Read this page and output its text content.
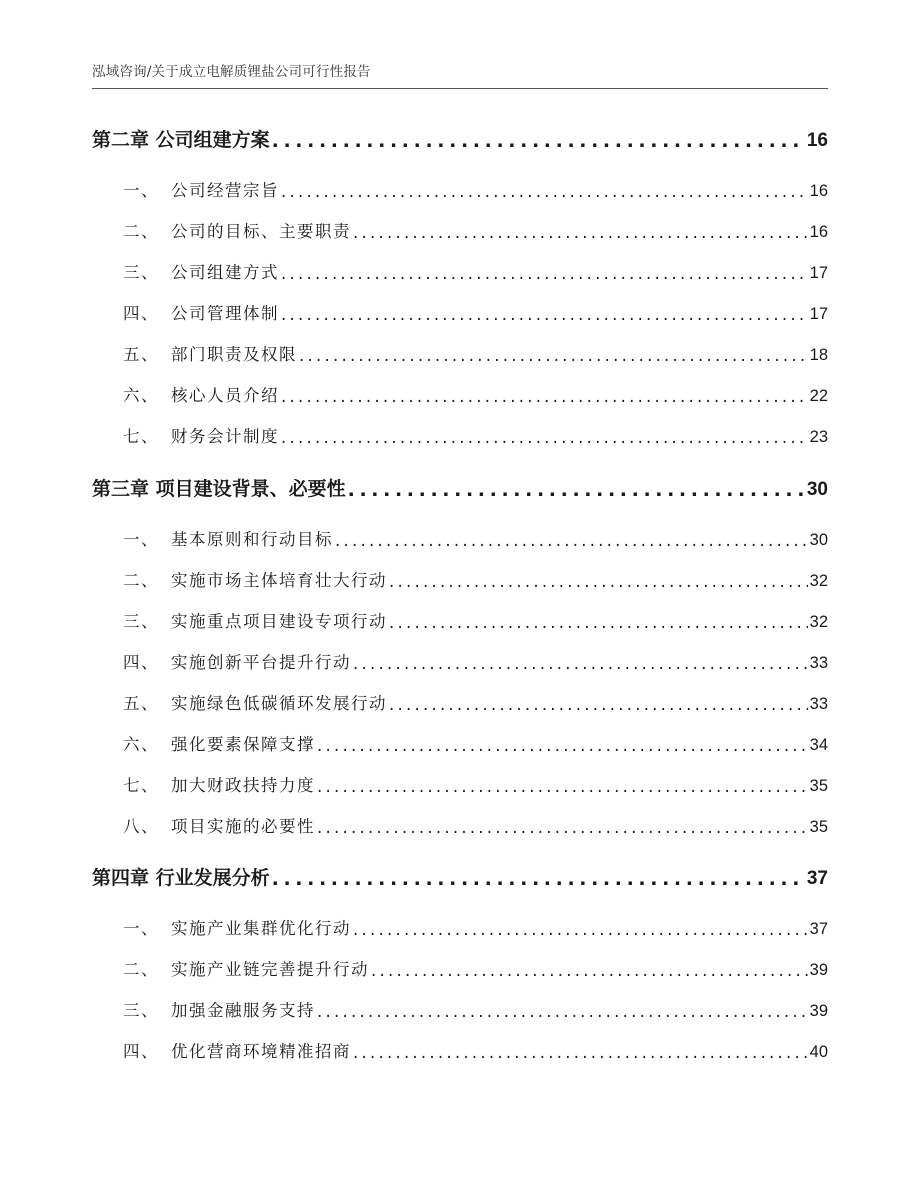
泓域咨询/关于成立电解质锂盐公司可行性报告
第二章 公司组建方案 . . .	16
一、 公司经营宗旨 . . .	16
二、 公司的目标、主要职责 . . .	16
三、 公司组建方式 . . .	17
四、 公司管理体制 . . .	17
五、 部门职责及权限 . . .	18
六、 核心人员介绍 . . .	22
七、 财务会计制度 . . .	23
第三章 项目建设背景、必要性 . . .	30
一、 基本原则和行动目标 . . .	30
二、 实施市场主体培育壮大行动 . . .	32
三、 实施重点项目建设专项行动 . . .	32
四、 实施创新平台提升行动 . . .	33
五、 实施绿色低碳循环发展行动 . . .	33
六、 强化要素保障支撑 . . .	34
七、 加大财政扶持力度 . . .	35
八、 项目实施的必要性 . . .	35
第四章 行业发展分析 . . .	37
一、 实施产业集群优化行动 . . .	37
二、 实施产业链完善提升行动 . . .	39
三、 加强金融服务支持 . . .	39
四、 优化营商环境精准招商 . . .	40
